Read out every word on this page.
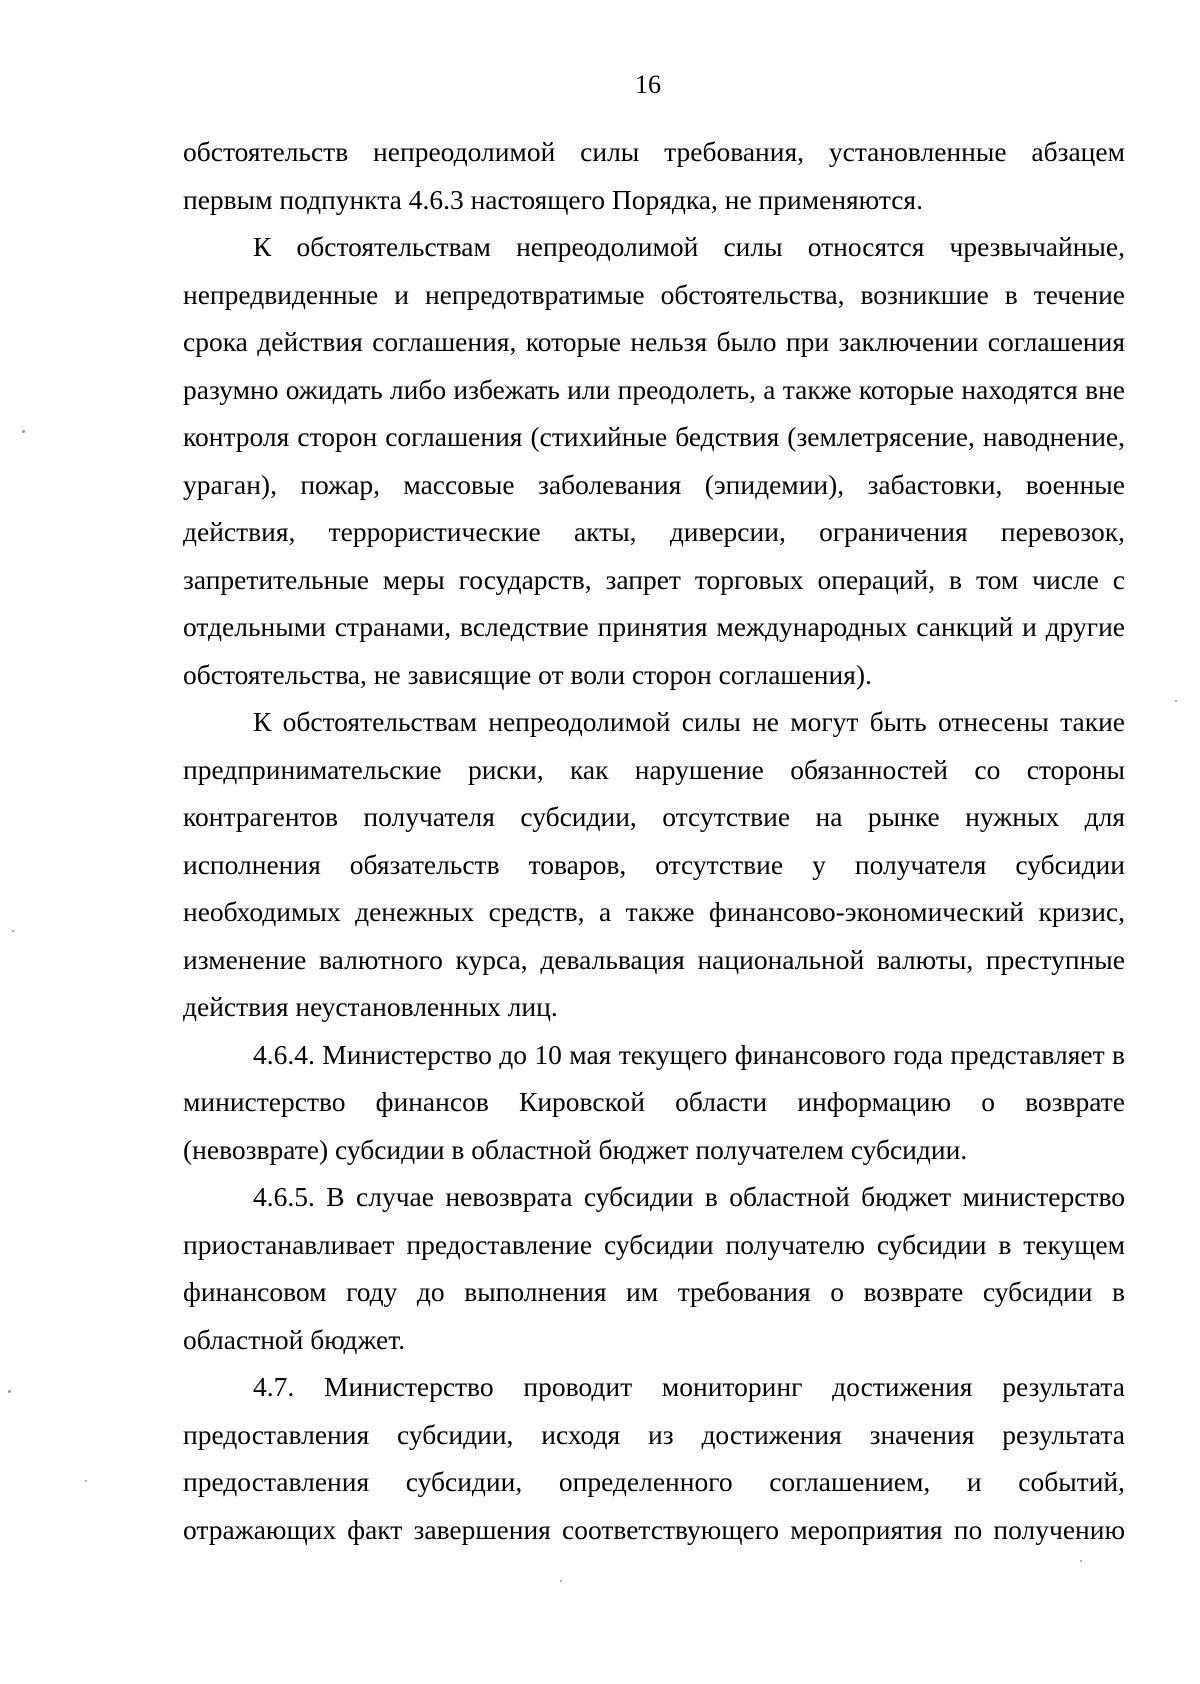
16

обстоятельств непреодолимой силы требования, установленные абзацем первым подпункта 4.6.3 настоящего Порядка, не применяются.

К обстоятельствам непреодолимой силы относятся чрезвычайные, непредвиденные и непредотвратимые обстоятельства, возникшие в течение срока действия соглашения, которые нельзя было при заключении соглашения разумно ожидать либо избежать или преодолеть, а также которые находятся вне контроля сторон соглашения (стихийные бедствия (землетрясение, наводнение, ураган), пожар, массовые заболевания (эпидемии), забастовки, военные действия, террористические акты, диверсии, ограничения перевозок, запретительные меры государств, запрет торговых операций, в том числе с отдельными странами, вследствие принятия международных санкций и другие обстоятельства, не зависящие от воли сторон соглашения).

К обстоятельствам непреодолимой силы не могут быть отнесены такие предпринимательские риски, как нарушение обязанностей со стороны контрагентов получателя субсидии, отсутствие на рынке нужных для исполнения обязательств товаров, отсутствие у получателя субсидии необходимых денежных средств, а также финансово-экономический кризис, изменение валютного курса, девальвация национальной валюты, преступные действия неустановленных лиц.

4.6.4. Министерство до 10 мая текущего финансового года представляет в министерство финансов Кировской области информацию о возврате (невозврате) субсидии в областной бюджет получателем субсидии.

4.6.5. В случае невозврата субсидии в областной бюджет министерство приостанавливает предоставление субсидии получателю субсидии в текущем финансовом году до выполнения им требования о возврате субсидии в областной бюджет.

4.7. Министерство проводит мониторинг достижения результата предоставления субсидии, исходя из достижения значения результата предоставления субсидии, определенного соглашением, и событий, отражающих факт завершения соответствующего мероприятия по получению
